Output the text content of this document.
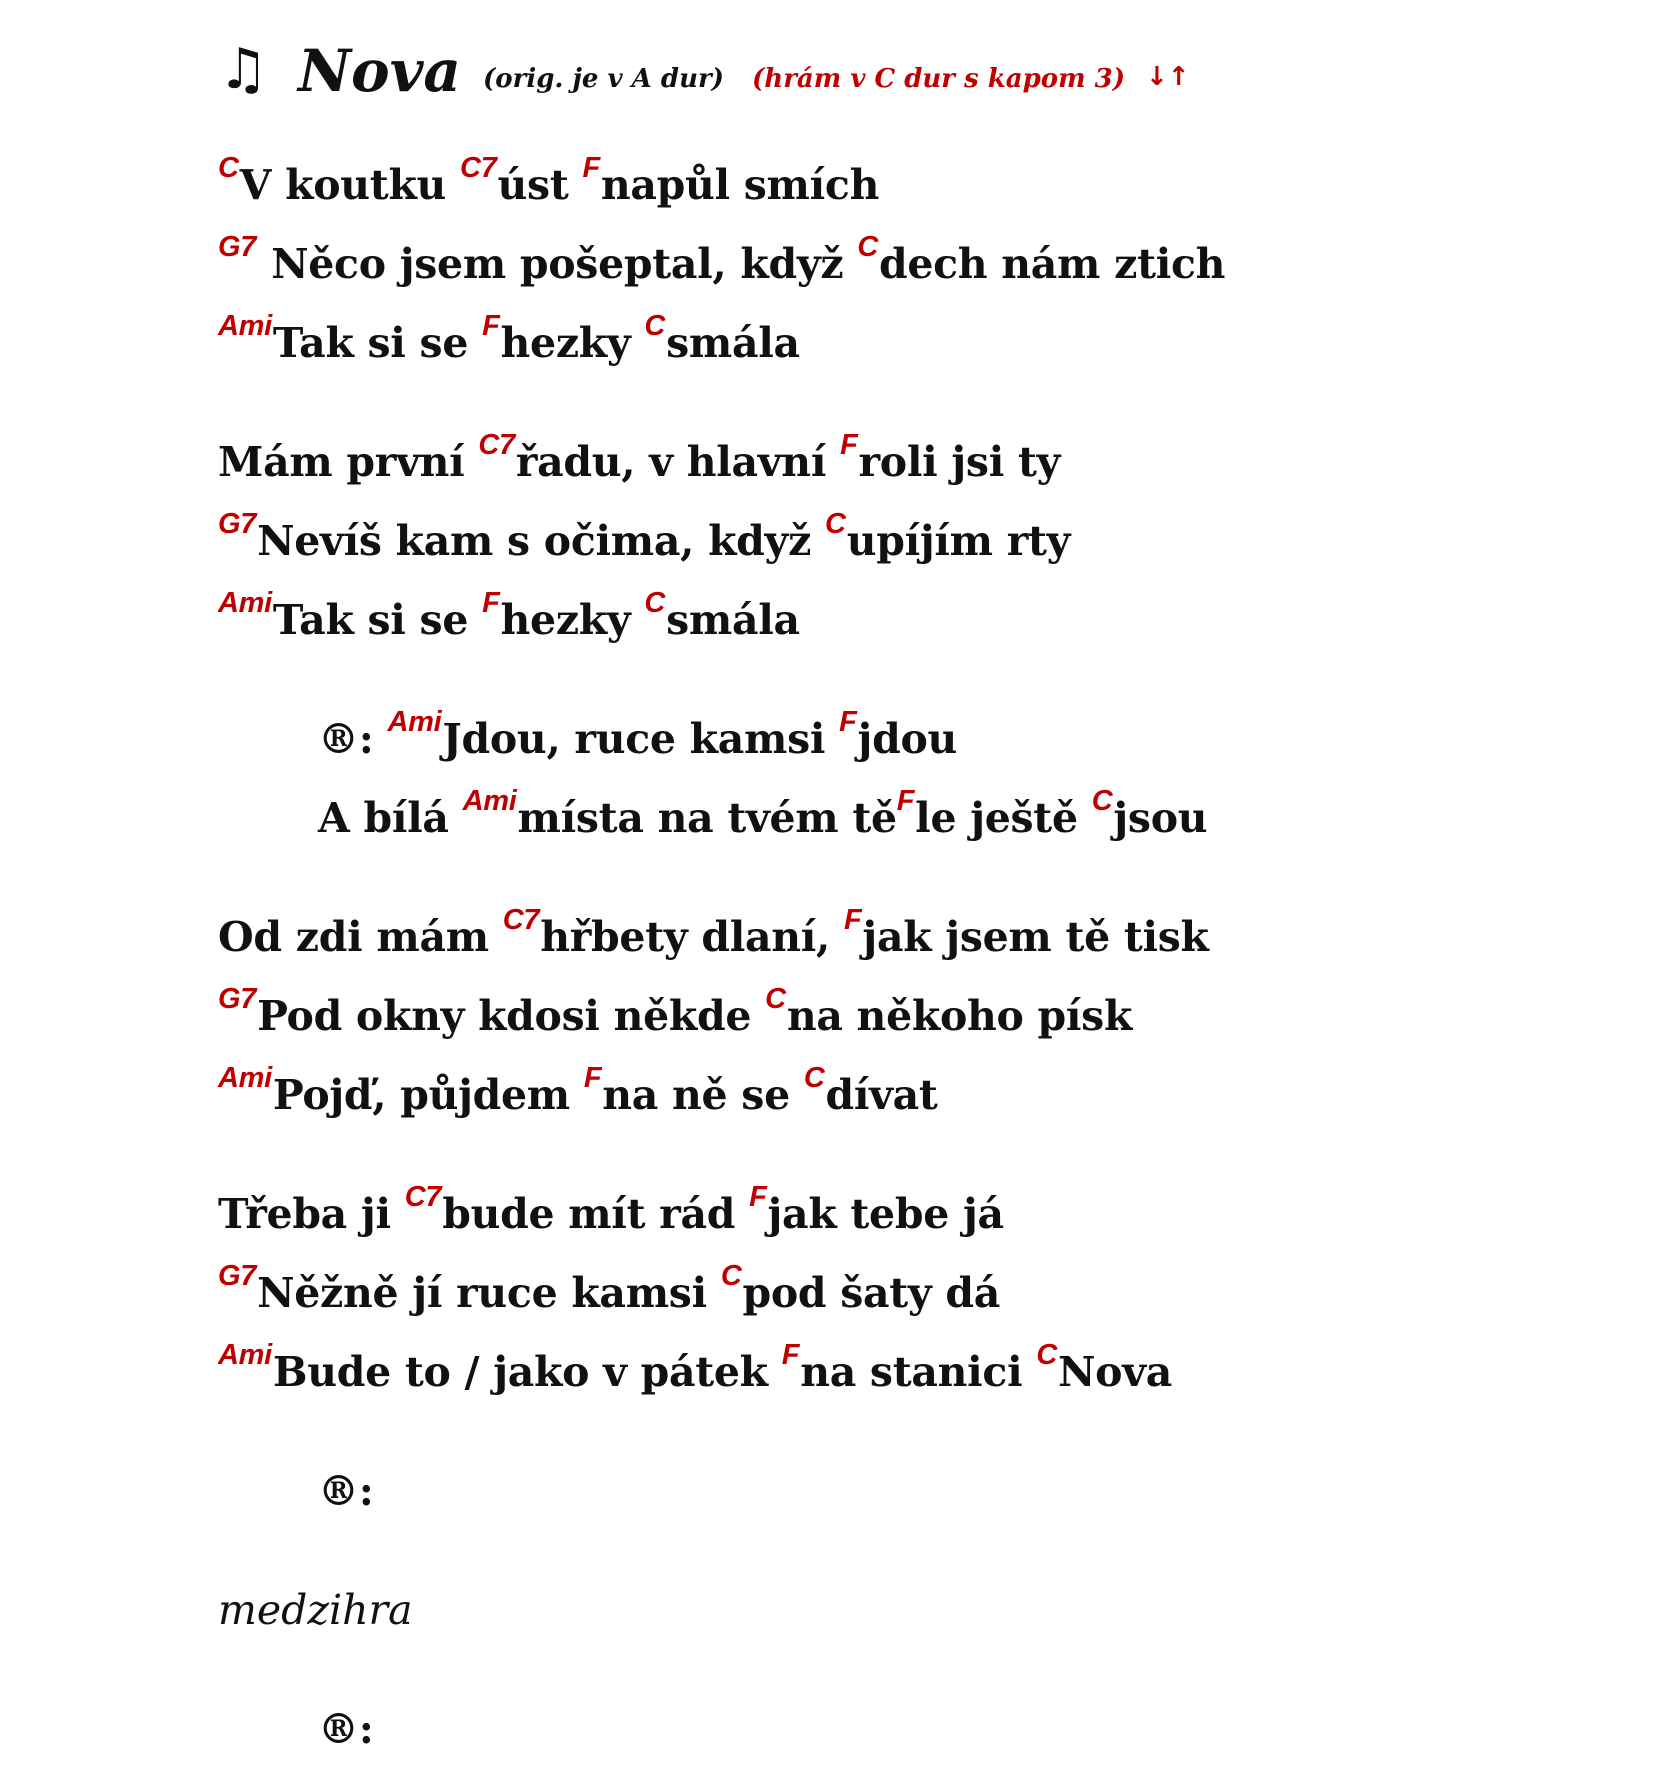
♫ Nova (orig. je v A dur) (hrám v C dur s kapom 3) ↓↑
$^C$V koutku $^{C7}$úst $^F$napůl smích
$^{G7}$ Něco jsem pošeptal, když $^C$dech nám ztich
$^{Ami}$Tak si se $^F$hezky $^C$smála
Mám první $^{C7}$řadu, v hlavní $^F$roli jsi ty
$^{G7}$Nevíš kam s očima, když $^C$upíjím rty
$^{Ami}$Tak si se $^F$hezky $^C$smála
®: $^{Ami}$Jdou, ruce kamsi $^F$jdou
A bílá $^{Ami}$místa na tvém $tě^Fle$ ještě $^C$jsou
Od zdi mám $^{C7}$hřbety dlaní, $^F$jak jsem tě tisk
$^{G7}$Pod okny kdosi někde $^C$na někoho písk
$^{Ami}$Pojď, půjdem $^F$na ně se $^C$dívat
Třeba ji $^{C7}$bude mít rád $^F$jak tebe já
$^{G7}$Něžně jí ruce kamsi $^C$pod šaty dá
$^{Ami}$Bude to / jako v pátek $^F$na stanici $^C$Nova
®:
medzihra
®:
